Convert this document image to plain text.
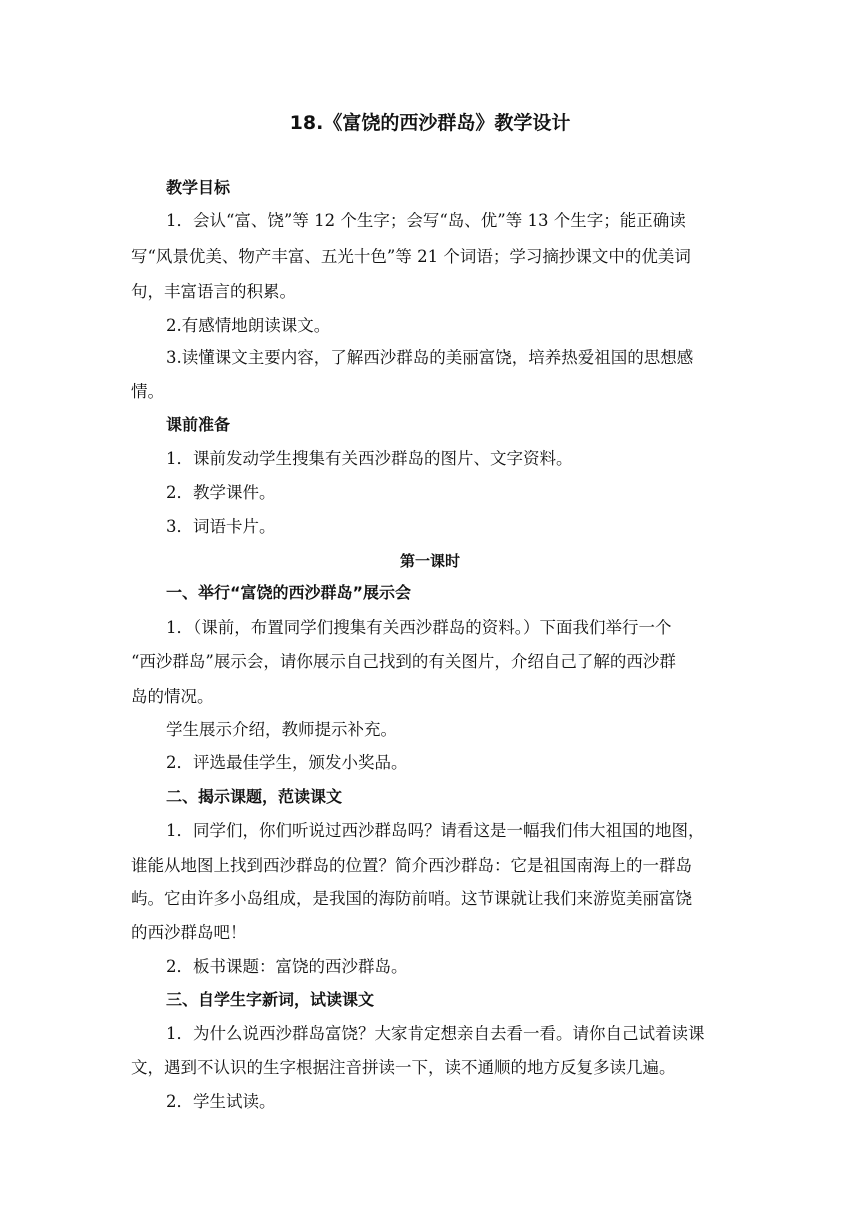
18.《富饶的西沙群岛》教学设计
教学目标
1．会认“富、饶”等 12 个生字；会写“岛、优”等 13 个生字；能正确读
写“风景优美、物产丰富、五光十色”等 21 个词语；学习摘抄课文中的优美词
句，丰富语言的积累。
2.有感情地朗读课文。
3.读懂课文主要内容，了解西沙群岛的美丽富饶，培养热爱祖国的思想感
情。
课前准备
1．课前发动学生搜集有关西沙群岛的图片、文字资料。
2．教学课件。
3．词语卡片。
第一课时
一、举行“富饶的西沙群岛”展示会
1．（课前，布置同学们搜集有关西沙群岛的资料。）下面我们举行一个
“西沙群岛”展示会，请你展示自己找到的有关图片，介绍自己了解的西沙群
岛的情况。
学生展示介绍，教师提示补充。
2．评选最佳学生，颁发小奖品。
二、揭示课题，范读课文
1．同学们，你们听说过西沙群岛吗？请看这是一幅我们伟大祖国的地图，
谁能从地图上找到西沙群岛的位置？简介西沙群岛：它是祖国南海上的一群岛
屿。它由许多小岛组成，是我国的海防前哨。这节课就让我们来游览美丽富饶
的西沙群岛吧！
2．板书课题：富饶的西沙群岛。
三、自学生字新词，试读课文
1．为什么说西沙群岛富饶？大家肯定想亲自去看一看。请你自己试着读课
文，遇到不认识的生字根据注音拼读一下，读不通顺的地方反复多读几遍。
2．学生试读。
